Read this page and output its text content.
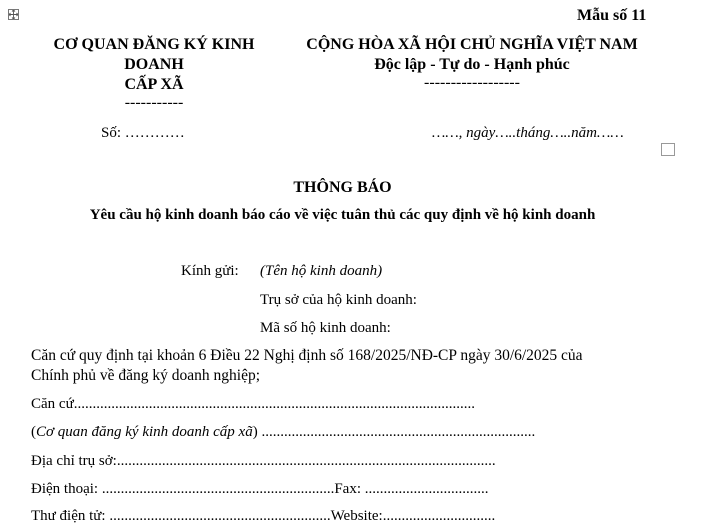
Mẫu số 11
CƠ QUAN ĐĂNG KÝ KINH
DOANH
CẤP XÃ
-----------
CỘNG HÒA XÃ HỘI CHỦ NGHĨA VIỆT NAM
Độc lập - Tự do - Hạnh phúc
------------------
Số: …………	……, ngày…..tháng…..năm……
THÔNG BÁO
Yêu cầu hộ kinh doanh báo cáo về việc tuân thủ các quy định về hộ kinh doanh
Kính gửi: (Tên hộ kinh doanh)
Trụ sở của hộ kinh doanh:
Mã số hộ kinh doanh:
Căn cứ quy định tại khoản 6 Điều 22 Nghị định số 168/2025/NĐ-CP ngày 30/6/2025 của
Chính phủ về đăng ký doanh nghiệp;
Căn cứ...........................................................................................................
(Cơ quan đăng ký kinh doanh cấp xã) .........................................................................
Địa chỉ trụ sở:.....................................................................................................
Điện thoại: ..............................................................Fax: .................................
Thư điện tử: ...........................................................Website:..............................
